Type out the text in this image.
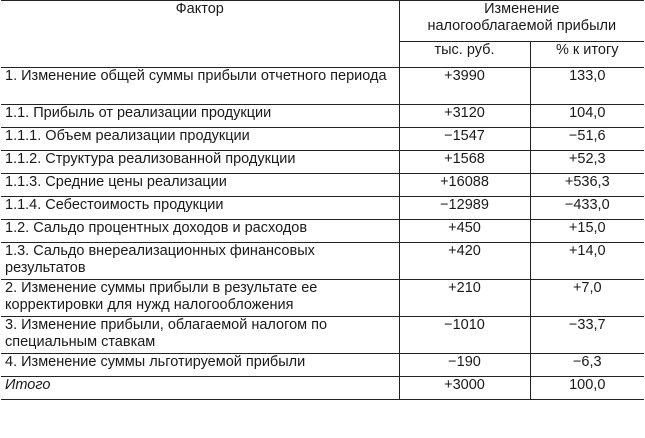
Фактор	Изменение
налогооблагаемой прибыли	
	тыс. руб.	% к итогу
1. Изменение общей суммы прибыли отчетного периода	+3990	133,0
1.1. Прибыль от реализации продукции	+3120	104,0
1.1.1. Объем реализации продукции	−1547	−51,6
1.1.2. Структура реализованной продукции	+1568	+52,3
1.1.3. Средние цены реализации	+16088	+536,3
1.1.4. Себестоимость продукции	−12989	−433,0
1.2. Сальдо процентных доходов и расходов	+450	+15,0
1.3. Сальдо внереализационных финансовых результатов	+420	+14,0
2. Изменение суммы прибыли в результате ее корректировки для нужд налогообложения	+210	+7,0
3. Изменение прибыли, облагаемой налогом по специальным ставкам	−1010	−33,7
4. Изменение суммы льготируемой прибыли	−190	−6,3
Итого	+3000	100,0
